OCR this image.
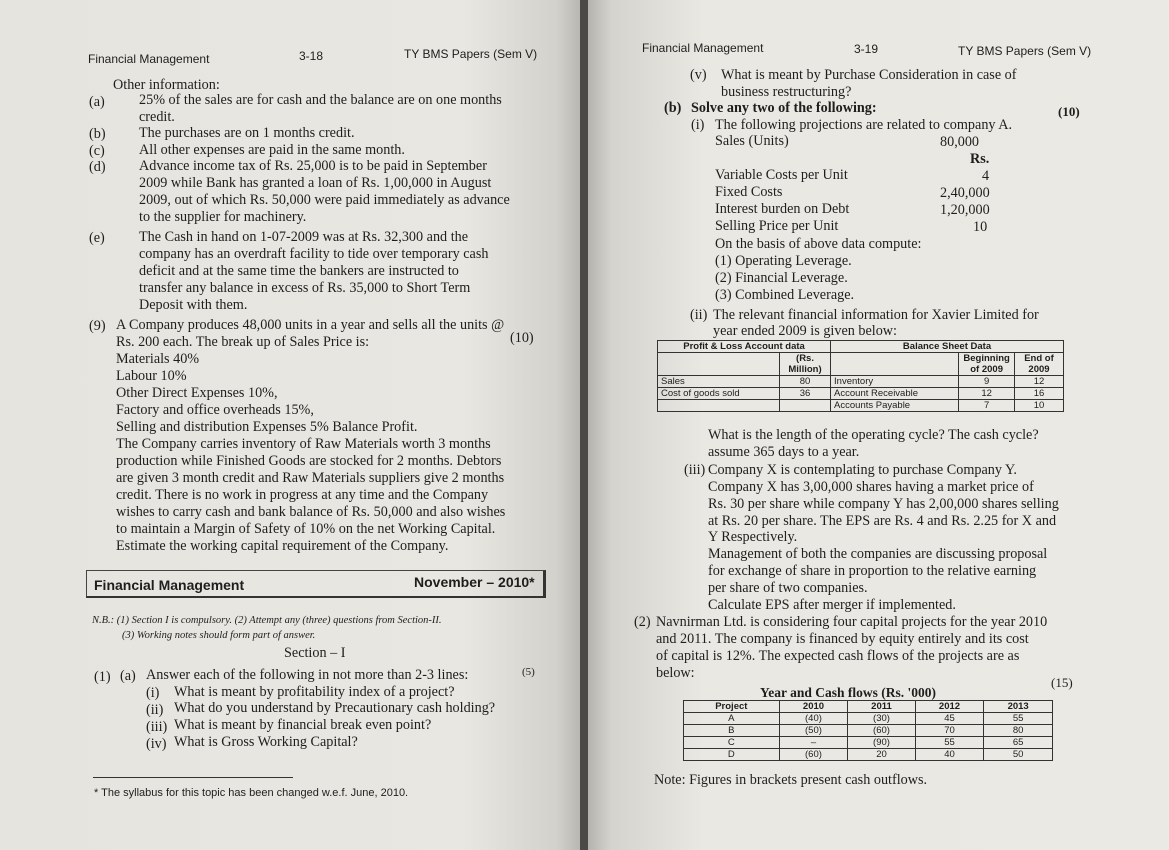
Financial Management	3-18	TY BMS Papers (Sem V)
Other information:
(a) 25% of the sales are for cash and the balance are on one months
credit.
(b) The purchases are on 1 months credit.
(c) All other expenses are paid in the same month.
(d) Advance income tax of Rs. 25,000 is to be paid in September
2009 while Bank has granted a loan of Rs. 1,00,000 in August
2009, out of which Rs. 50,000 were paid immediately as advance
to the supplier for machinery.
(e) The Cash in hand on 1-07-2009 was at Rs. 32,300 and the
company has an overdraft facility to tide over temporary cash
deficit and at the same time the bankers are instructed to
transfer any balance in excess of Rs. 35,000 to Short Term
Deposit with them.
(9) A Company produces 48,000 units in a year and sells all the units @
Rs. 200 each. The break up of Sales Price is:	(10)
Materials 40%
Labour 10%
Other Direct Expenses 10%,
Factory and office overheads 15%,
Selling and distribution Expenses 5% Balance Profit.
The Company carries inventory of Raw Materials worth 3 months
production while Finished Goods are stocked for 2 months. Debtors
are given 3 month credit and Raw Materials suppliers give 2 months
credit. There is no work in progress at any time and the Company
wishes to carry cash and bank balance of Rs. 50,000 and also wishes
to maintain a Margin of Safety of 10% on the net Working Capital.
Estimate the working capital requirement of the Company.
Financial Management	November – 2010*
N.B.: (1) Section I is compulsory. (2) Attempt any (three) questions from Section-II.
(3) Working notes should form part of answer.
Section – I
(1) (a) Answer each of the following in not more than 2-3 lines:	(5)
(i) What is meant by profitability index of a project?
(ii) What do you understand by Precautionary cash holding?
(iii) What is meant by financial break even point?
(iv) What is Gross Working Capital?
* The syllabus for this topic has been changed w.e.f. June, 2010.
Financial Management	3-19	TY BMS Papers (Sem V)
(v) What is meant by Purchase Consideration in case of
business restructuring?
(b) Solve any two of the following:	(10)
(i) The following projections are related to company A.
Sales (Units)	80,000
Rs.
Variable Costs per Unit	4
Fixed Costs	2,40,000
Interest burden on Debt	1,20,000
Selling Price per Unit	10
On the basis of above data compute:
(1) Operating Leverage.
(2) Financial Leverage.
(3) Combined Leverage.
(ii) The relevant financial information for Xavier Limited for
year ended 2009 is given below:
Profit & Loss Account data		Balance Sheet Data		
	(Rs. Million)		Beginning of 2009	End of 2009
Sales	80	Inventory	9	12
Cost of goods sold	36	Account Receivable	12	16
		Accounts Payable	7	10
What is the length of the operating cycle? The cash cycle?
assume 365 days to a year.
(iii) Company X is contemplating to purchase Company Y.
Company X has 3,00,000 shares having a market price of
Rs. 30 per share while company Y has 2,00,000 shares selling
at Rs. 20 per share. The EPS are Rs. 4 and Rs. 2.25 for X and
Y Respectively.
Management of both the companies are discussing proposal
for exchange of share in proportion to the relative earning
per share of two companies.
Calculate EPS after merger if implemented.
(2) Navnirman Ltd. is considering four capital projects for the year 2010
and 2011. The company is financed by equity entirely and its cost
of capital is 12%. The expected cash flows of the projects are as
below:
(15)
Year and Cash flows (Rs. '000)
Project	2010	2011	2012	2013
A	(40)	(30)	45	55
B	(50)	(60)	70	80
C	–	(90)	55	65
D	(60)	20	40	50
Note: Figures in brackets present cash outflows.
